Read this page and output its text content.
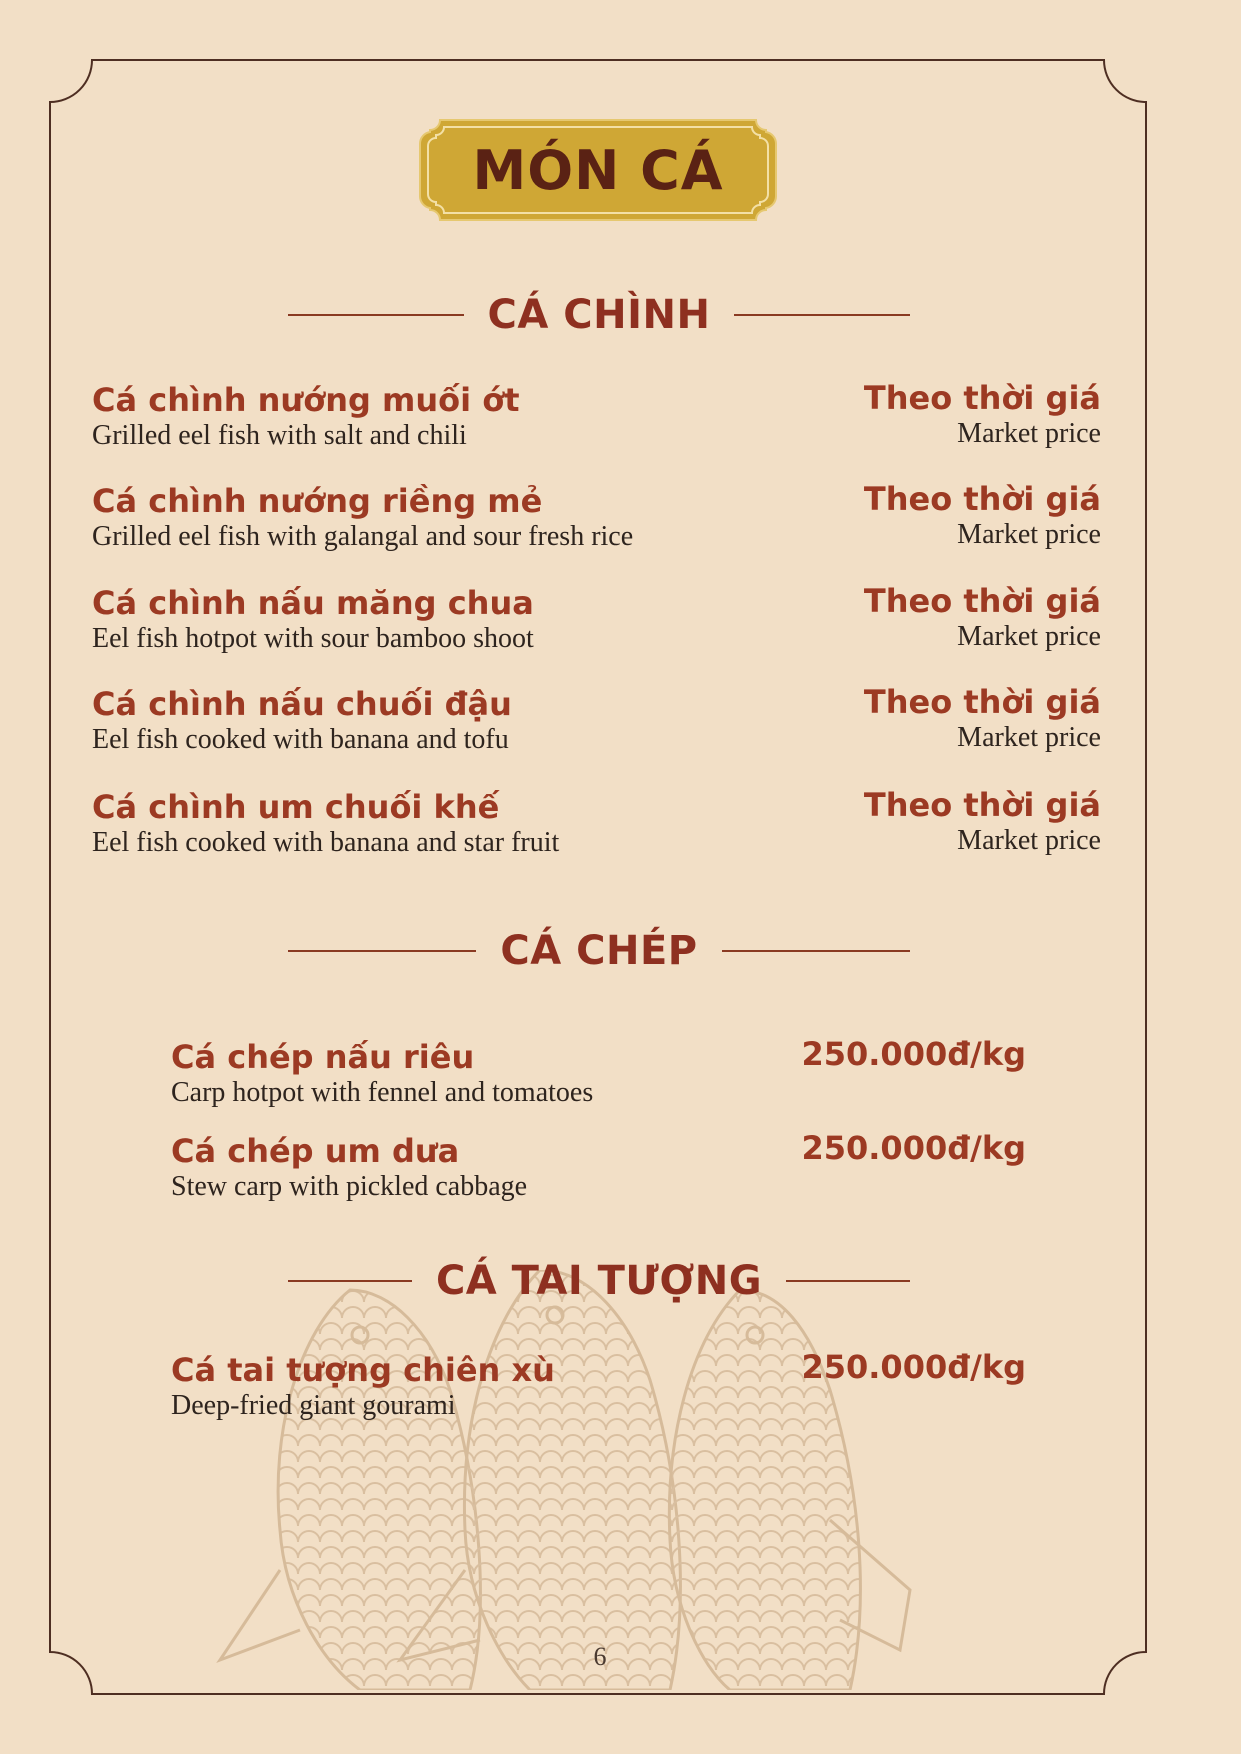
MÓN CÁ
CÁ CHÌNH
Cá chình nướng muối ớt
Grilled eel fish with salt and chili
Theo thời giá
Market price
Cá chình nướng riềng mẻ
Grilled eel fish with galangal and sour fresh rice
Theo thời giá
Market price
Cá chình nấu măng chua
Eel fish hotpot with sour bamboo shoot
Theo thời giá
Market price
Cá chình nấu chuối đậu
Eel fish cooked with banana and tofu
Theo thời giá
Market price
Cá chình um chuối khế
Eel fish cooked with banana and star fruit
Theo thời giá
Market price
CÁ CHÉP
Cá chép nấu riêu
Carp hotpot with fennel and tomatoes
250.000đ/kg
Cá chép um dưa
Stew carp with pickled cabbage
250.000đ/kg
CÁ TAI TƯỢNG
Cá tai tượng chiên xù
Deep-fried giant gourami
250.000đ/kg
6
